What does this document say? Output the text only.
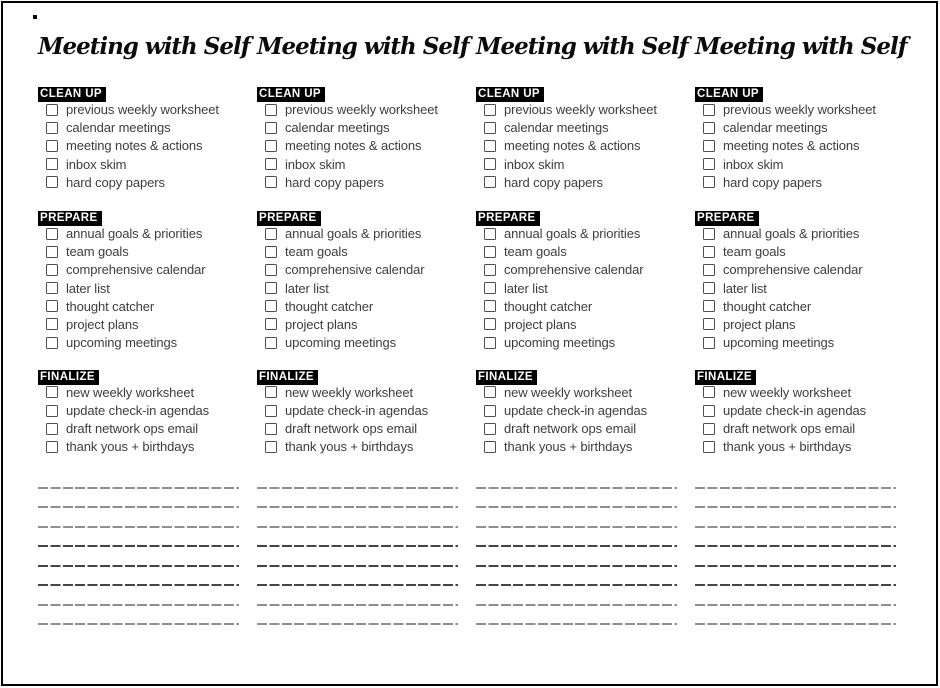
Meeting with Self
CLEAN UP
previous weekly worksheet
calendar meetings
meeting notes & actions
inbox skim
hard copy papers
PREPARE
annual goals & priorities
team goals
comprehensive calendar
later list
thought catcher
project plans
upcoming meetings
FINALIZE
new weekly worksheet
update check-in agendas
draft network ops email
thank yous + birthdays
Meeting with Self
CLEAN UP
previous weekly worksheet
calendar meetings
meeting notes & actions
inbox skim
hard copy papers
PREPARE
annual goals & priorities
team goals
comprehensive calendar
later list
thought catcher
project plans
upcoming meetings
FINALIZE
new weekly worksheet
update check-in agendas
draft network ops email
thank yous + birthdays
Meeting with Self
CLEAN UP
previous weekly worksheet
calendar meetings
meeting notes & actions
inbox skim
hard copy papers
PREPARE
annual goals & priorities
team goals
comprehensive calendar
later list
thought catcher
project plans
upcoming meetings
FINALIZE
new weekly worksheet
update check-in agendas
draft network ops email
thank yous + birthdays
Meeting with Self
CLEAN UP
previous weekly worksheet
calendar meetings
meeting notes & actions
inbox skim
hard copy papers
PREPARE
annual goals & priorities
team goals
comprehensive calendar
later list
thought catcher
project plans
upcoming meetings
FINALIZE
new weekly worksheet
update check-in agendas
draft network ops email
thank yous + birthdays
